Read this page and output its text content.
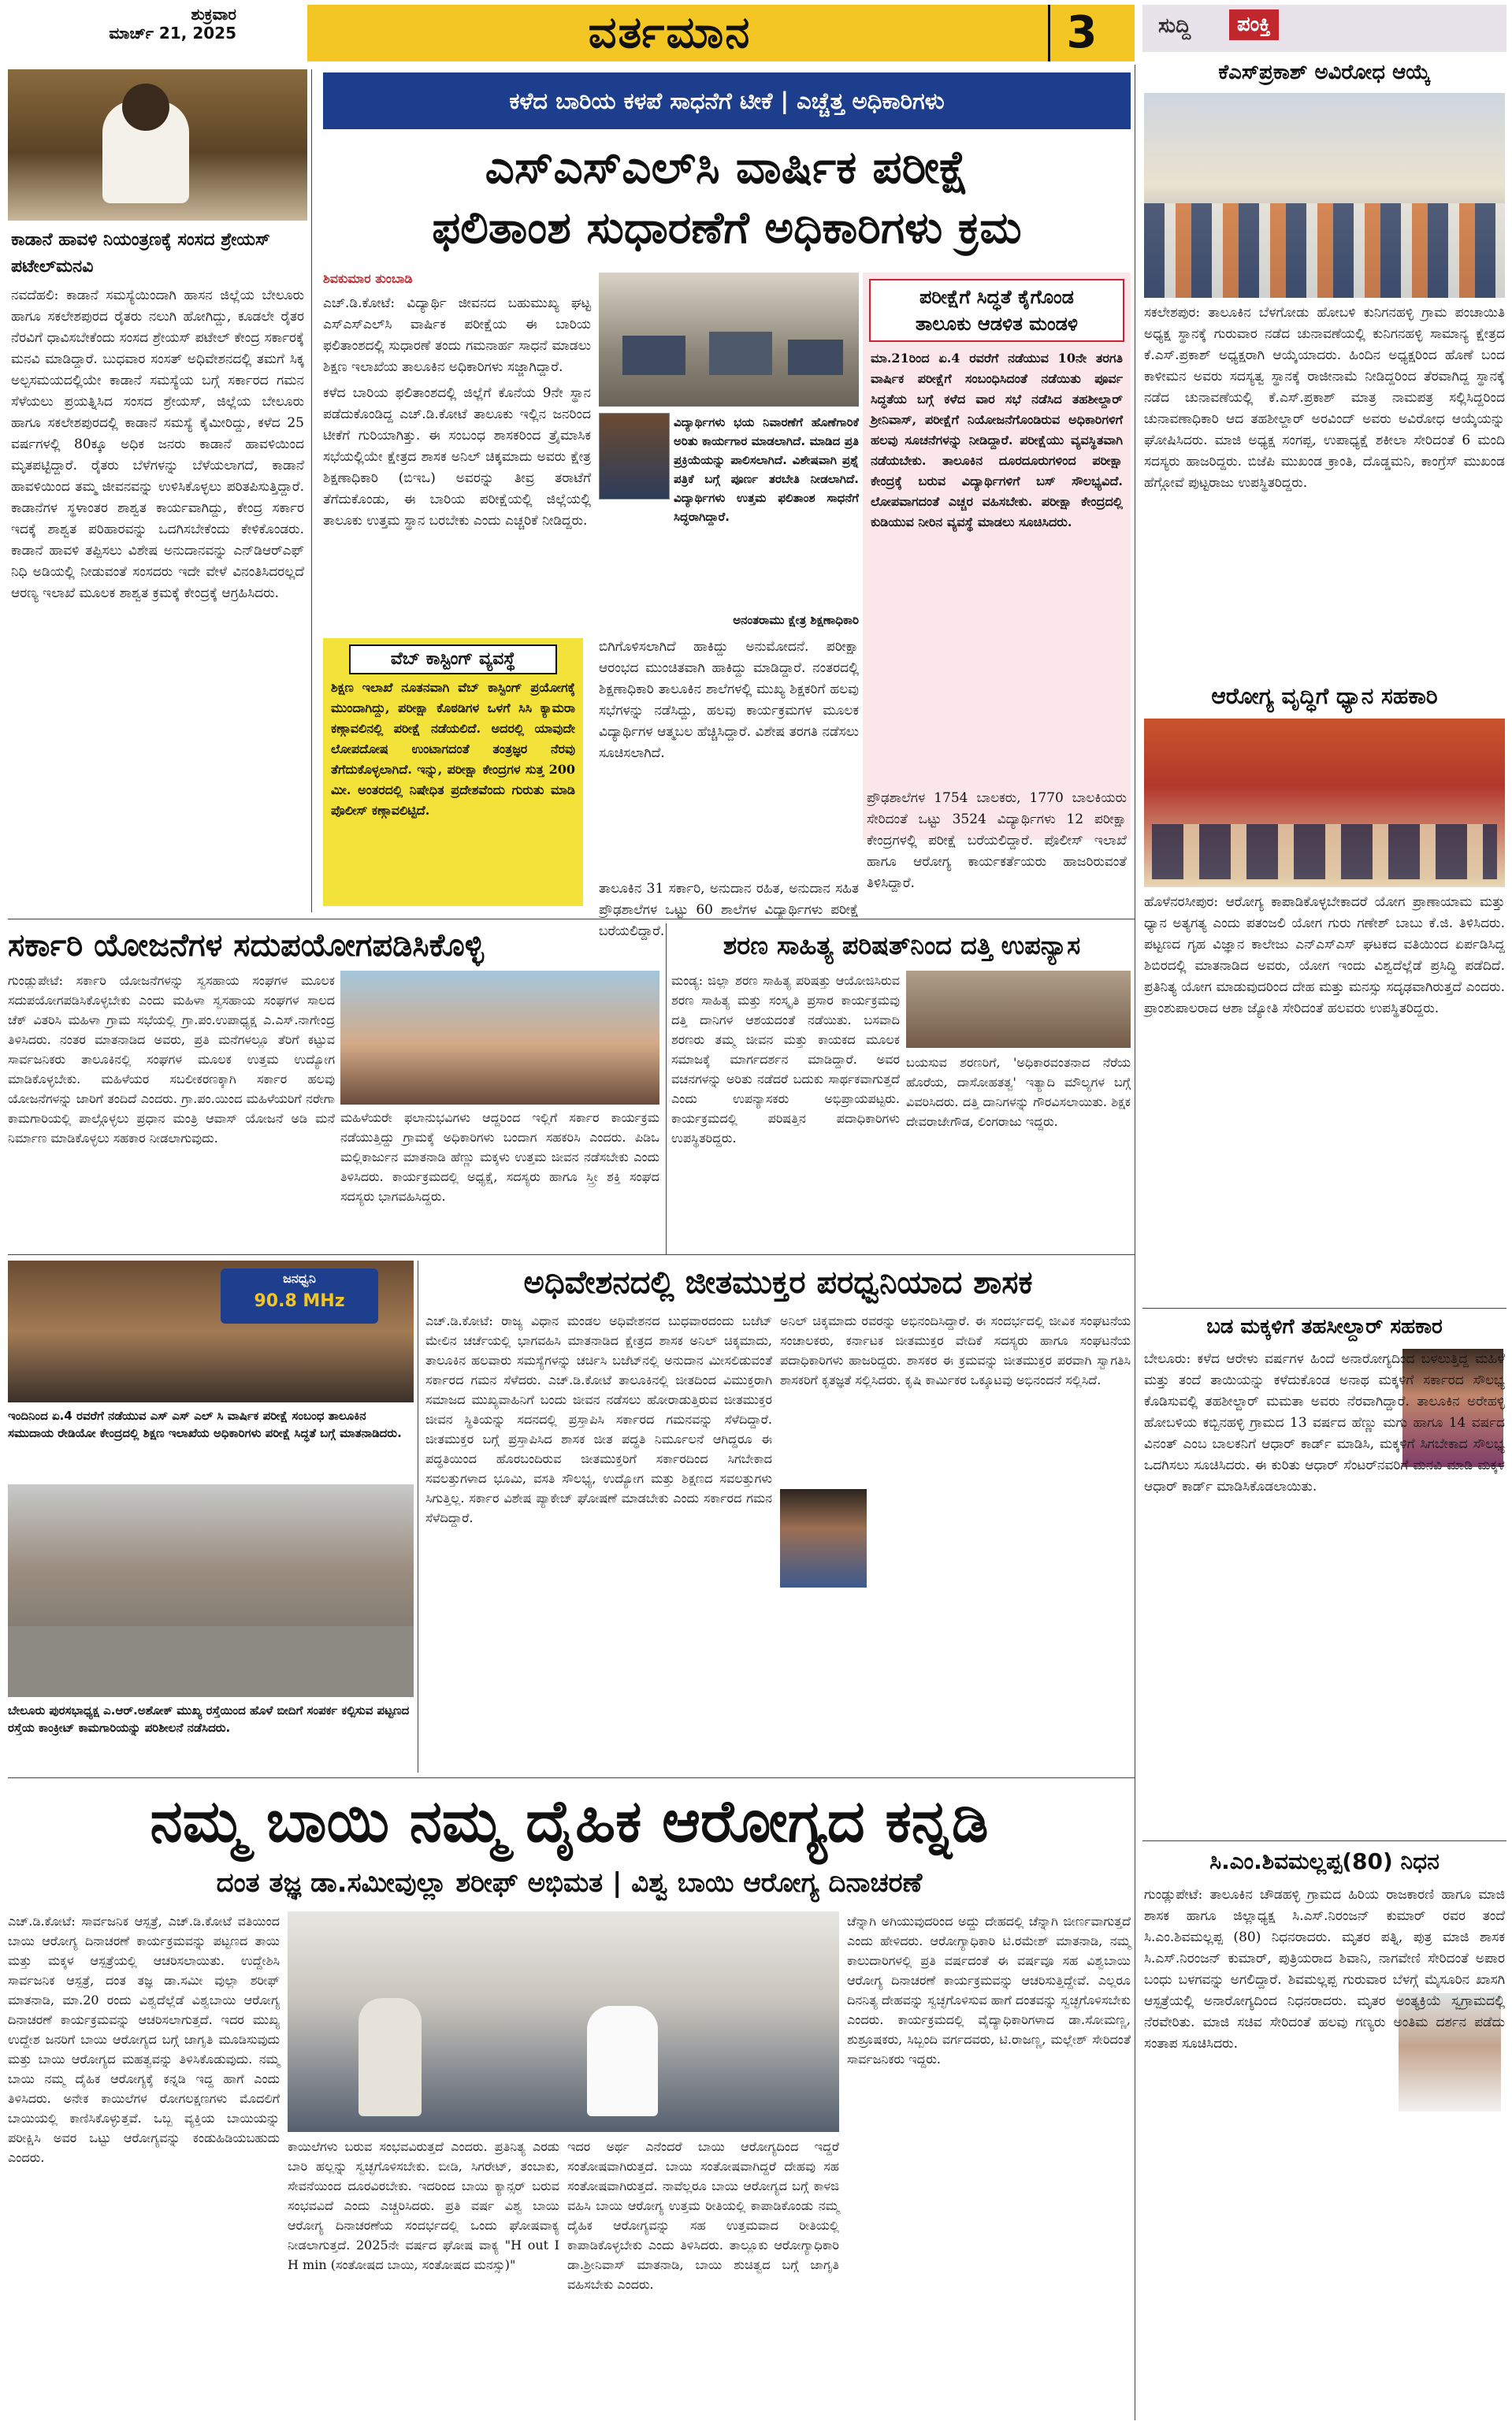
ಶುಕ್ರವಾರ
ಮಾರ್ಚ್ 21, 2025	ವರ್ತಮಾನ	3	ಸುದ್ದಿ	ಪಂಕ್ತಿ
ಕಾಡಾನೆ ಹಾವಳಿ ನಿಯಂತ್ರಣಕ್ಕೆ ಸಂಸದ ಶ್ರೇಯಸ್ ಪಟೇಲ್‌ಮನವಿ
ನವದೆಹಲಿ: ಕಾಡಾನೆ ಸಮಸ್ಯೆಯಿಂದಾಗಿ ಹಾಸನ ಜಿಲ್ಲೆಯ ಬೇಲೂರು ಹಾಗೂ ಸಕಲೇಶಪುರದ ರೈತರು ನಲುಗಿ ಹೋಗಿದ್ದು, ಕೂಡಲೇ ರೈತರ ನೆರವಿಗೆ ಧಾವಿಸಬೇಕೆಂದು ಸಂಸದ ಶ್ರೇಯಸ್ ಪಟೇಲ್ ಕೇಂದ್ರ ಸರ್ಕಾರಕ್ಕೆ ಮನವಿ ಮಾಡಿದ್ದಾರೆ. ಬುಧವಾರ ಸಂಸತ್ ಅಧಿವೇಶನದಲ್ಲಿ ತಮಗೆ ಸಿಕ್ಕ ಅಲ್ಪಸಮಯದಲ್ಲಿಯೇ ಕಾಡಾನೆ ಸಮಸ್ಯೆಯ ಬಗ್ಗೆ ಸರ್ಕಾರದ ಗಮನ ಸೆಳೆಯಲು ಪ್ರಯತ್ನಿಸಿದ ಸಂಸದ ಶ್ರೇಯಸ್, ಜಿಲ್ಲೆಯ ಬೇಲೂರು ಹಾಗೂ ಸಕಲೇಶಪುರದಲ್ಲಿ ಕಾಡಾನೆ ಸಮಸ್ಯೆ ಕೈಮೀರಿದ್ದು, ಕಳೆದ 25 ವರ್ಷಗಳಲ್ಲಿ 80ಕ್ಕೂ ಅಧಿಕ ಜನರು ಕಾಡಾನೆ ಹಾವಳಿಯಿಂದ ಮೃತಪಟ್ಟಿದ್ದಾರೆ. ರೈತರು ಬೆಳೆಗಳನ್ನು ಬೆಳೆಯಲಾಗದೆ, ಕಾಡಾನೆ ಹಾವಳಿಯಿಂದ ತಮ್ಮ ಜೀವನವನ್ನು ಉಳಿಸಿಕೊಳ್ಳಲು ಪರಿತಪಿಸುತ್ತಿದ್ದಾರೆ. ಕಾಡಾನೆಗಳ ಸ್ಥಳಾಂತರ ಶಾಶ್ವತ ಕಾರ್ಯವಾಗಿದ್ದು, ಕೇಂದ್ರ ಸರ್ಕಾರ ಇದಕ್ಕೆ ಶಾಶ್ವತ ಪರಿಹಾರವನ್ನು ಒದಗಿಸಬೇಕೆಂದು ಕೇಳಿಕೊಂಡರು. ಕಾಡಾನೆ ಹಾವಳಿ ತಪ್ಪಿಸಲು ವಿಶೇಷ ಅನುದಾನವನ್ನು ಎನ್‌ಡಿಆರ್‌ಎಫ್ ನಿಧಿ ಅಡಿಯಲ್ಲಿ ನೀಡುವಂತೆ ಸಂಸದರು ಇದೇ ವೇಳೆ ವಿನಂತಿಸಿದರಲ್ಲದೆ ಆರಣ್ಯ ಇಲಾಖೆ ಮೂಲಕ ಶಾಶ್ವತ ಕ್ರಮಕ್ಕೆ ಕೇಂದ್ರಕ್ಕೆ ಆಗ್ರಹಿಸಿದರು.
ಕಳೆದ ಬಾರಿಯ ಕಳಪೆ ಸಾಧನೆಗೆ ಟೀಕೆ | ಎಚ್ಚೆತ್ತ ಅಧಿಕಾರಿಗಳು
ಎಸ್‌ಎಸ್‌ಎಲ್‌ಸಿ ವಾರ್ಷಿಕ ಪರೀಕ್ಷೆ
ಫಲಿತಾಂಶ ಸುಧಾರಣೆಗೆ ಅಧಿಕಾರಿಗಳು ಕ್ರಮ
ಶಿವಕುಮಾರ ತುಂಬಾಡಿ

ಎಚ್.ಡಿ.ಕೋಟೆ: ವಿದ್ಯಾರ್ಥಿ ಜೀವನದ ಬಹುಮುಖ್ಯ ಘಟ್ಟ ಎಸ್‌ಎಸ್‌ಎಲ್‌ಸಿ ವಾರ್ಷಿಕ ಪರೀಕ್ಷೆಯ ಈ ಬಾರಿಯ ಫಲಿತಾಂಶದಲ್ಲಿ ಸುಧಾರಣೆ ತಂದು ಗಮನಾರ್ಹ ಸಾಧನೆ ಮಾಡಲು ಶಿಕ್ಷಣ ಇಲಾಖೆಯ ತಾಲೂಕಿನ ಅಧಿಕಾರಿಗಳು ಸಜ್ಜಾಗಿದ್ದಾರೆ.

ಕಳೆದ ಬಾರಿಯ ಫಲಿತಾಂಶದಲ್ಲಿ ಜಿಲ್ಲೆಗೆ ಕೊನೆಯ 9ನೇ ಸ್ಥಾನ ಪಡೆದುಕೊಂಡಿದ್ದ ಎಚ್.ಡಿ.ಕೋಟೆ ತಾಲೂಕು ಇಲ್ಲಿನ ಜನರಿಂದ ಟೀಕೆಗೆ ಗುರಿಯಾಗಿತ್ತು. ಈ ಸಂಬಂಧ ಶಾಸಕರಿಂದ ತ್ರೈಮಾಸಿಕ ಸಭೆಯಲ್ಲಿಯೇ ಕ್ಷೇತ್ರದ ಶಾಸಕ ಅನಿಲ್ ಚಿಕ್ಕಮಾದು ಅವರು ಕ್ಷೇತ್ರ ಶಿಕ್ಷಣಾಧಿಕಾರಿ (ಬಿಇಒ) ಅವರನ್ನು ತೀವ್ರ ತರಾಟೆಗೆ ತೆಗೆದುಕೊಂಡು, ಈ ಬಾರಿಯ ಪರೀಕ್ಷೆಯಲ್ಲಿ ಜಿಲ್ಲೆಯಲ್ಲಿ ತಾಲೂಕು ಉತ್ತಮ ಸ್ಥಾನ ಬರಬೇಕು ಎಂದು ಎಚ್ಚರಿಕೆ ನೀಡಿದ್ದರು.

ವಿದ್ಯಾರ್ಥಿಗಳು ಭಯ ನಿವಾರಣೆಗೆ ಹೊಣೆಗಾರಿಕೆ ಅರಿತು ಕಾರ್ಯಗಾರ ಮಾಡಲಾಗಿದೆ. ಮಾಡಿದ ಪ್ರತಿ ಪ್ರಕ್ರಿಯೆಯನ್ನು ಪಾಲಿಸಲಾಗಿದೆ. ವಿಶೇಷವಾಗಿ ಪ್ರಶ್ನೆ ಪತ್ರಿಕೆ ಬಗ್ಗೆ ಪೂರ್ಣ ತರಬೇತಿ ನೀಡಲಾಗಿದೆ. ವಿದ್ಯಾರ್ಥಿಗಳು ಉತ್ತಮ ಫಲಿತಾಂಶ ಸಾಧನೆಗೆ ಸಿದ್ಧರಾಗಿದ್ದಾರೆ.
ಅನಂತರಾಮು ಕ್ಷೇತ್ರ ಶಿಕ್ಷಣಾಧಿಕಾರಿ
ಪರೀಕ್ಷೆಗೆ ಸಿದ್ಧತೆ ಕೈಗೊಂಡ
ತಾಲೂಕು ಆಡಳಿತ ಮಂಡಳಿ
ಮಾ.21ರಿಂದ ಏ.4 ರವರೆಗೆ ನಡೆಯುವ 10ನೇ ತರಗತಿ ವಾರ್ಷಿಕ ಪರೀಕ್ಷೆಗೆ ಸಂಬಂಧಿಸಿದಂತೆ ನಡೆಯಿತು ಪೂರ್ವ ಸಿದ್ಧತೆಯ ಬಗ್ಗೆ ಕಳೆದ ವಾರ ಸಭೆ ನಡೆಸಿದ ತಹಶೀಲ್ದಾರ್ ಶ್ರೀನಿವಾಸ್, ಪರೀಕ್ಷೆಗೆ ನಿಯೋಜನೆಗೊಂಡಿರುವ ಅಧಿಕಾರಿಗಳಿಗೆ ಹಲವು ಸೂಚನೆಗಳನ್ನು ನೀಡಿದ್ದಾರೆ. ಪರೀಕ್ಷೆಯು ವ್ಯವಸ್ಥಿತವಾಗಿ ನಡೆಯಬೇಕು. ತಾಲೂಕಿನ ದೂರದೂರುಗಳಿಂದ ಪರೀಕ್ಷಾ ಕೇಂದ್ರಕ್ಕೆ ಬರುವ ವಿದ್ಯಾರ್ಥಿಗಳಿಗೆ ಬಸ್ ಸೌಲಭ್ಯವಿದೆ. ಲೋಪವಾಗದಂತೆ ಎಚ್ಚರ ವಹಿಸಬೇಕು. ಪರೀಕ್ಷಾ ಕೇಂದ್ರದಲ್ಲಿ ಕುಡಿಯುವ ನೀರಿನ ವ್ಯವಸ್ಥೆ ಮಾಡಲು ಸೂಚಿಸಿದರು.
ವೆಬ್ ಕಾಸ್ಟಿಂಗ್ ವ್ಯವಸ್ಥೆ
ಶಿಕ್ಷಣ ಇಲಾಖೆ ನೂತನವಾಗಿ ವೆಬ್ ಕಾಸ್ಟಿಂಗ್ ಪ್ರಯೋಗಕ್ಕೆ ಮುಂದಾಗಿದ್ದು, ಪರೀಕ್ಷಾ ಕೊಠಡಿಗಳ ಒಳಗೆ ಸಿಸಿ ಕ್ಯಾಮರಾ ಕಣ್ಗಾವಲಿನಲ್ಲಿ ಪರೀಕ್ಷೆ ನಡೆಯಲಿದೆ. ಅದರಲ್ಲಿ ಯಾವುದೇ ಲೋಪದೋಷ ಉಂಟಾಗದಂತೆ ತಂತ್ರಜ್ಞರ ನೆರವು ತೆಗೆದುಕೊಳ್ಳಲಾಗಿದೆ. ಇನ್ನು, ಪರೀಕ್ಷಾ ಕೇಂದ್ರಗಳ ಸುತ್ತ 200 ಮೀ. ಅಂತರದಲ್ಲಿ ನಿಷೇಧಿತ ಪ್ರದೇಶವೆಂದು ಗುರುತು ಮಾಡಿ ಪೊಲೀಸ್ ಕಣ್ಗಾವಲಿಟ್ಟಿದೆ.
ಬಿಗಿಗೊಳಿಸಲಾಗಿದೆ ಹಾಕಿದ್ದು ಅನುಮೋದನೆ. ಪರೀಕ್ಷಾ ಆರಂಭದ ಮುಂಚಿತವಾಗಿ ಹಾಕಿದ್ದು ಮಾಡಿದ್ದಾರೆ. ನಂತರದಲ್ಲಿ ಶಿಕ್ಷಣಾಧಿಕಾರಿ ತಾಲೂಕಿನ ಶಾಲೆಗಳಲ್ಲಿ ಮುಖ್ಯ ಶಿಕ್ಷಕರಿಗೆ ಹಲವು ಸಭೆಗಳನ್ನು ನಡೆಸಿದ್ದು, ಹಲವು ಕಾರ್ಯಕ್ರಮಗಳ ಮೂಲಕ ವಿದ್ಯಾರ್ಥಿಗಳ ಆತ್ಮಬಲ ಹೆಚ್ಚಿಸಿದ್ದಾರೆ. ವಿಶೇಷ ತರಗತಿ ನಡೆಸಲು ಸೂಚಿಸಲಾಗಿದೆ.
ಪ್ರೌಢಶಾಲೆಗಳ 1754 ಬಾಲಕರು, 1770 ಬಾಲಕಿಯರು ಸೇರಿದಂತೆ ಒಟ್ಟು 3524 ವಿದ್ಯಾರ್ಥಿಗಳು 12 ಪರೀಕ್ಷಾ ಕೇಂದ್ರಗಳಲ್ಲಿ ಪರೀಕ್ಷೆ ಬರೆಯಲಿದ್ದಾರೆ. ಪೊಲೀಸ್ ಇಲಾಖೆ ಹಾಗೂ ಆರೋಗ್ಯ ಕಾರ್ಯಕರ್ತೆಯರು ಹಾಜರಿರುವಂತೆ ತಿಳಿಸಿದ್ದಾರೆ.
ತಾಲೂಕಿನ 31 ಸರ್ಕಾರಿ, ಅನುದಾನ ರಹಿತ, ಅನುದಾನ ಸಹಿತ ಪ್ರೌಢಶಾಲೆಗಳ ಒಟ್ಟು 60 ಶಾಲೆಗಳ ವಿದ್ಯಾರ್ಥಿಗಳು ಪರೀಕ್ಷೆ ಬರೆಯಲಿದ್ದಾರೆ.
ಕೆಎಸ್‌ಪ್ರಕಾಶ್ ಅವಿರೋಧ ಆಯ್ಕೆ
ಸಕಲೇಶಪುರ: ತಾಲೂಕಿನ ಬೆಳಗೋಡು ಹೋಬಳಿ ಕುನಿಗನಹಳ್ಳಿ ಗ್ರಾಮ ಪಂಚಾಯಿತಿ ಅಧ್ಯಕ್ಷ ಸ್ಥಾನಕ್ಕೆ ಗುರುವಾರ ನಡೆದ ಚುನಾವಣೆಯಲ್ಲಿ ಕುನಿಗನಹಳ್ಳಿ ಸಾಮಾನ್ಯ ಕ್ಷೇತ್ರದ ಕೆ.ಎಸ್.ಪ್ರಕಾಶ್ ಅಧ್ಯಕ್ಷರಾಗಿ ಆಯ್ಕೆಯಾದರು. ಹಿಂದಿನ ಅಧ್ಯಕ್ಷರಿಂದ ಹೊಣೆ ಬಂದ ಕಾಳೀಮನ ಅವರು ಸದಸ್ಯತ್ವ ಸ್ಥಾನಕ್ಕೆ ರಾಜೀನಾಮೆ ನೀಡಿದ್ದರಿಂದ ತೆರವಾಗಿದ್ದ ಸ್ಥಾನಕ್ಕೆ ನಡೆದ ಚುನಾವಣೆಯಲ್ಲಿ ಕೆ.ಎಸ್.ಪ್ರಕಾಶ್ ಮಾತ್ರ ನಾಮಪತ್ರ ಸಲ್ಲಿಸಿದ್ದರಿಂದ ಚುನಾವಣಾಧಿಕಾರಿ ಆದ ತಹಶೀಲ್ದಾರ್ ಅರವಿಂದ್ ಅವರು ಅವಿರೋಧ ಆಯ್ಕೆಯನ್ನು ಘೋಷಿಸಿದರು. ಮಾಜಿ ಅಧ್ಯಕ್ಷ ಸಂಗಪ್ಪ, ಉಪಾಧ್ಯಕ್ಷೆ ಶಕೀಲಾ ಸೇರಿದಂತೆ 6 ಮಂದಿ ಸದಸ್ಯರು ಹಾಜರಿದ್ದರು. ಬಿಜೆಪಿ ಮುಖಂಡ ಕ್ರಾಂತಿ, ದೊಡ್ಡಮನಿ, ಕಾಂಗ್ರೆಸ್ ಮುಖಂಡ ಹೆಗ್ಗೋವೆ ಪುಟ್ಟರಾಜು ಉಪಸ್ಥಿತರಿದ್ದರು.
ಆರೋಗ್ಯ ವೃದ್ಧಿಗೆ ಧ್ಯಾನ ಸಹಕಾರಿ
ಹೊಳೆನರಸೀಪುರ: ಆರೋಗ್ಯ ಕಾಪಾಡಿಕೊಳ್ಳಬೇಕಾದರೆ ಯೋಗ ಪ್ರಾಣಾಯಾಮ ಮತ್ತು ಧ್ಯಾನ ಅತ್ಯಗತ್ಯ ಎಂದು ಪತಂಜಲಿ ಯೋಗ ಗುರು ಗಣೇಶ್ ಬಾಬು ಕೆ.ಜಿ. ತಿಳಿಸಿದರು. ಪಟ್ಟಣದ ಗೃಹ ವಿಜ್ಞಾನ ಕಾಲೇಜು ಎನ್‌ಎಸ್‌ಎಸ್ ಘಟಕದ ವತಿಯಿಂದ ಏರ್ಪಡಿಸಿದ್ದ ಶಿಬಿರದಲ್ಲಿ ಮಾತನಾಡಿದ ಅವರು, ಯೋಗ ಇಂದು ವಿಶ್ವದೆಲ್ಲೆಡೆ ಪ್ರಸಿದ್ಧಿ ಪಡೆದಿದೆ. ಪ್ರತಿನಿತ್ಯ ಯೋಗ ಮಾಡುವುದರಿಂದ ದೇಹ ಮತ್ತು ಮನಸ್ಸು ಸದೃಢವಾಗಿರುತ್ತದೆ ಎಂದರು. ಪ್ರಾಂಶುಪಾಲರಾದ ಆಶಾ ಜ್ಯೋತಿ ಸೇರಿದಂತೆ ಹಲವರು ಉಪಸ್ಥಿತರಿದ್ದರು.
ಬಡ ಮಕ್ಕಳಿಗೆ ತಹಸೀಲ್ದಾರ್ ಸಹಕಾರ
ಬೇಲೂರು: ಕಳೆದ ಆರೇಳು ವರ್ಷಗಳ ಹಿಂದೆ ಅನಾರೋಗ್ಯದಿಂದ ಬಳಲುತ್ತಿದ್ದ ಮಹಿಳೆ ಮತ್ತು ತಂದೆ ತಾಯಿಯನ್ನು ಕಳೆದುಕೊಂಡ ಅನಾಥ ಮಕ್ಕಳಿಗೆ ಸರ್ಕಾರದ ಸೌಲಭ್ಯ ಕೊಡಿಸುವಲ್ಲಿ ತಹಶೀಲ್ದಾರ್ ಮಮತಾ ಅವರು ನೆರವಾಗಿದ್ದಾರೆ. ತಾಲೂಕಿನ ಅರೇಹಳ್ಳಿ ಹೋಬಳಿಯ ಕಬ್ಬಿನಹಳ್ಳಿ ಗ್ರಾಮದ 13 ವರ್ಷದ ಹೆಣ್ಣು ಮಗು ಹಾಗೂ 14 ವರ್ಷದ ವಿನಂತ್ ಎಂಬ ಬಾಲಕನಿಗೆ ಆಧಾರ್ ಕಾರ್ಡ್ ಮಾಡಿಸಿ, ಮಕ್ಕಳಿಗೆ ಸಿಗಬೇಕಾದ ಸೌಲಭ್ಯ ಒದಗಿಸಲು ಸೂಚಿಸಿದರು. ಈ ಕುರಿತು ಆಧಾರ್ ಸೆಂಟರ್‌ನವರಿಗೆ ಮನವಿ ಮಾಡಿ ಮಕ್ಕಳ ಆಧಾರ್ ಕಾರ್ಡ್ ಮಾಡಿಸಿಕೊಡಲಾಯಿತು.
ಸಿ.ಎಂ.ಶಿವಮಲ್ಲಪ್ಪ(80) ನಿಧನ
ಗುಂಡ್ಲುಪೇಟೆ: ತಾಲೂಕಿನ ಚೌಡಹಳ್ಳಿ ಗ್ರಾಮದ ಹಿರಿಯ ರಾಜಕಾರಣಿ ಹಾಗೂ ಮಾಜಿ ಶಾಸಕ ಹಾಗೂ ಜಿಲ್ಲಾಧ್ಯಕ್ಷ ಸಿ.ಎಸ್.ನಿರಂಜನ್ ಕುಮಾರ್ ರವರ ತಂದೆ ಸಿ.ಎಂ.ಶಿವಮಲ್ಲಪ್ಪ (80) ನಿಧನರಾದರು. ಮೃತರ ಪತ್ನಿ, ಪುತ್ರ ಮಾಜಿ ಶಾಸಕ ಸಿ.ಎಸ್.ನಿರಂಜನ್ ಕುಮಾರ್, ಪುತ್ರಿಯರಾದ ಶಿವಾನಿ, ನಾಗವೇಣಿ ಸೇರಿದಂತೆ ಅಪಾರ ಬಂಧು ಬಳಗವನ್ನು ಅಗಲಿದ್ದಾರೆ. ಶಿವಮಲ್ಲಪ್ಪ ಗುರುವಾರ ಬೆಳಗ್ಗೆ ಮೈಸೂರಿನ ಖಾಸಗಿ ಆಸ್ಪತ್ರೆಯಲ್ಲಿ ಅನಾರೋಗ್ಯದಿಂದ ನಿಧನರಾದರು. ಮೃತರ ಅಂತ್ಯಕ್ರಿಯೆ ಸ್ವಗ್ರಾಮದಲ್ಲಿ ನೆರವೇರಿತು. ಮಾಜಿ ಸಚಿವ ಸೇರಿದಂತೆ ಹಲವು ಗಣ್ಯರು ಅಂತಿಮ ದರ್ಶನ ಪಡೆದು ಸಂತಾಪ ಸೂಚಿಸಿದರು.
ಸರ್ಕಾರಿ ಯೋಜನೆಗಳ ಸದುಪಯೋಗಪಡಿಸಿಕೊಳ್ಳಿ
ಗುಂಡ್ಲುಪೇಟೆ: ಸರ್ಕಾರಿ ಯೋಜನೆಗಳನ್ನು ಸ್ವಸಹಾಯ ಸಂಘಗಳ ಮೂಲಕ ಸದುಪಯೋಗಪಡಿಸಿಕೊಳ್ಳಬೇಕು ಎಂದು ಮಹಿಳಾ ಸ್ವಸಹಾಯ ಸಂಘಗಳ ಸಾಲದ ಚೆಕ್ ವಿತರಿಸಿ ಮಹಿಳಾ ಗ್ರಾಮ ಸಭೆಯಲ್ಲಿ ಗ್ರಾ.ಪಂ.ಉಪಾಧ್ಯಕ್ಷ ಎ.ಎಸ್.ನಾಗೇಂದ್ರ ತಿಳಿಸಿದರು. ನಂತರ ಮಾತನಾಡಿದ ಅವರು, ಪ್ರತಿ ಮನೆಗಳಲ್ಲೂ ತೆರಿಗೆ ಕಟ್ಟುವ ಸಾರ್ವಜನಿಕರು ತಾಲೂಕಿನಲ್ಲಿ ಸಂಘಗಳ ಮೂಲಕ ಉತ್ತಮ ಉದ್ಯೋಗ ಮಾಡಿಕೊಳ್ಳಬೇಕು. ಮಹಿಳೆಯರ ಸಬಲೀಕರಣಕ್ಕಾಗಿ ಸರ್ಕಾರ ಹಲವು ಯೋಜನೆಗಳನ್ನು ಜಾರಿಗೆ ತಂದಿದೆ ಎಂದರು. ಗ್ರಾ.ಪಂ.ಯಿಂದ ಮಹಿಳೆಯರಿಗೆ ನರೇಗಾ ಕಾಮಗಾರಿಯಲ್ಲಿ ಪಾಲ್ಗೊಳ್ಳಲು ಪ್ರಧಾನ ಮಂತ್ರಿ ಆವಾಸ್ ಯೋಜನೆ ಅಡಿ ಮನೆ ನಿರ್ಮಾಣ ಮಾಡಿಕೊಳ್ಳಲು ಸಹಕಾರ ನೀಡಲಾಗುವುದು.
ಮಹಿಳೆಯರೇ ಫಲಾನುಭವಿಗಳು ಆದ್ದರಿಂದ ಇಲ್ಲಿಗೆ ಸರ್ಕಾರ ಕಾರ್ಯಕ್ರಮ ನಡೆಯುತ್ತಿದ್ದು ಗ್ರಾಮಕ್ಕೆ ಅಧಿಕಾರಿಗಳು ಬಂದಾಗ ಸಹಕರಿಸಿ ಎಂದರು. ಪಿಡಿಒ ಮಲ್ಲಿಕಾರ್ಜುನ ಮಾತನಾಡಿ ಹೆಣ್ಣು ಮಕ್ಕಳು ಉತ್ತಮ ಜೀವನ ನಡೆಸಬೇಕು ಎಂದು ತಿಳಿಸಿದರು. ಕಾರ್ಯಕ್ರಮದಲ್ಲಿ ಅಧ್ಯಕ್ಷೆ, ಸದಸ್ಯರು ಹಾಗೂ ಸ್ತ್ರೀ ಶಕ್ತಿ ಸಂಘದ ಸದಸ್ಯರು ಭಾಗವಹಿಸಿದ್ದರು.
ಶರಣ ಸಾಹಿತ್ಯ ಪರಿಷತ್‌ನಿಂದ ದತ್ತಿ ಉಪನ್ಯಾಸ
ಮಂಡ್ಯ: ಜಿಲ್ಲಾ ಶರಣ ಸಾಹಿತ್ಯ ಪರಿಷತ್ತು ಆಯೋಜಿಸಿರುವ ಶರಣ ಸಾಹಿತ್ಯ ಮತ್ತು ಸಂಸ್ಕೃತಿ ಪ್ರಸಾರ ಕಾರ್ಯಕ್ರಮವು ದತ್ತಿ ದಾನಿಗಳ ಆಶಯದಂತೆ ನಡೆಯಿತು. ಬಸವಾದಿ ಶರಣರು ತಮ್ಮ ಜೀವನ ಮತ್ತು ಕಾಯಕದ ಮೂಲಕ ಸಮಾಜಕ್ಕೆ ಮಾರ್ಗದರ್ಶನ ಮಾಡಿದ್ದಾರೆ. ಅವರ ವಚನಗಳನ್ನು ಅರಿತು ನಡೆದರೆ ಬದುಕು ಸಾರ್ಥಕವಾಗುತ್ತದೆ ಎಂದು ಉಪನ್ಯಾಸಕರು ಅಭಿಪ್ರಾಯಪಟ್ಟರು. ಕಾರ್ಯಕ್ರಮದಲ್ಲಿ ಪರಿಷತ್ತಿನ ಪದಾಧಿಕಾರಿಗಳು ಉಪಸ್ಥಿತರಿದ್ದರು.
ಬಯಸುವ ಶರಣರಿಗೆ, 'ಅಧಿಕಾರವಂತನಾದ ನೆರೆಯ ಹೊರೆಯ, ದಾಸೋಹತತ್ವ' ಇತ್ಯಾದಿ ಮೌಲ್ಯಗಳ ಬಗ್ಗೆ ವಿವರಿಸಿದರು. ದತ್ತಿ ದಾನಿಗಳನ್ನು ಗೌರವಿಸಲಾಯಿತು. ಶಿಕ್ಷಕ ದೇವರಾಜೇಗೌಡ, ಲಿಂಗರಾಜು ಇದ್ದರು.
ಜನಧ್ವನಿ
90.8 MHz
ಇಂದಿನಿಂದ ಏ.4 ರವರೆಗೆ ನಡೆಯುವ ಎಸ್ ಎಸ್ ಎಲ್ ಸಿ ವಾರ್ಷಿಕ ಪರೀಕ್ಷೆ ಸಂಬಂಧ ತಾಲೂಕಿನ ಸಮುದಾಯ ರೇಡಿಯೋ ಕೇಂದ್ರದಲ್ಲಿ ಶಿಕ್ಷಣ ಇಲಾಖೆಯ ಅಧಿಕಾರಿಗಳು ಪರೀಕ್ಷೆ ಸಿದ್ಧತೆ ಬಗ್ಗೆ ಮಾತನಾಡಿದರು.
ಬೇಲೂರು ಪುರಸಭಾಧ್ಯಕ್ಷ ಎ.ಆರ್.ಅಶೋಕ್ ಮುಖ್ಯ ರಸ್ತೆಯಿಂದ ಹೊಳೆ ಬೀದಿಗೆ ಸಂಪರ್ಕ ಕಲ್ಪಿಸುವ ಪಟ್ಟಣದ ರಸ್ತೆಯ ಕಾಂಕ್ರೀಟ್ ಕಾಮಗಾರಿಯನ್ನು ಪರಿಶೀಲನೆ ನಡೆಸಿದರು.
ಅಧಿವೇಶನದಲ್ಲಿ ಜೀತಮುಕ್ತರ ಪರಧ್ವನಿಯಾದ ಶಾಸಕ
ಎಚ್.ಡಿ.ಕೋಟೆ: ರಾಜ್ಯ ವಿಧಾನ ಮಂಡಲ ಅಧಿವೇಶನದ ಬುಧವಾರದಂದು ಬಜೆಟ್ ಮೇಲಿನ ಚರ್ಚೆಯಲ್ಲಿ ಭಾಗವಹಿಸಿ ಮಾತನಾಡಿದ ಕ್ಷೇತ್ರದ ಶಾಸಕ ಅನಿಲ್ ಚಿಕ್ಕಮಾದು, ತಾಲೂಕಿನ ಹಲವಾರು ಸಮಸ್ಯೆಗಳನ್ನು ಚರ್ಚಿಸಿ ಬಜೆಟ್‌ನಲ್ಲಿ ಅನುದಾನ ಮೀಸಲಿಡುವಂತೆ ಸರ್ಕಾರದ ಗಮನ ಸೆಳೆದರು. ಎಚ್.ಡಿ.ಕೋಟೆ ತಾಲೂಕಿನಲ್ಲಿ ಜೀತದಿಂದ ವಿಮುಕ್ತರಾಗಿ ಸಮಾಜದ ಮುಖ್ಯವಾಹಿನಿಗೆ ಬಂದು ಜೀವನ ನಡೆಸಲು ಹೋರಾಡುತ್ತಿರುವ ಜೀತಮುಕ್ತರ ಜೀವನ ಸ್ಥಿತಿಯನ್ನು ಸದನದಲ್ಲಿ ಪ್ರಸ್ತಾಪಿಸಿ ಸರ್ಕಾರದ ಗಮನವನ್ನು ಸೆಳೆದಿದ್ದಾರೆ. ಜೀತಮುಕ್ತರ ಬಗ್ಗೆ ಪ್ರಸ್ತಾಪಿಸಿದ ಶಾಸಕ ಜೀತ ಪದ್ಧತಿ ನಿರ್ಮೂಲನೆ ಆಗಿದ್ದರೂ ಈ ಪದ್ಧತಿಯಿಂದ ಹೊರಬಂದಿರುವ ಜೀತಮುಕ್ತರಿಗೆ ಸರ್ಕಾರದಿಂದ ಸಿಗಬೇಕಾದ ಸವಲತ್ತುಗಳಾದ ಭೂಮಿ, ವಸತಿ ಸೌಲಭ್ಯ, ಉದ್ಯೋಗ ಮತ್ತು ಶಿಕ್ಷಣದ ಸವಲತ್ತುಗಳು ಸಿಗುತ್ತಿಲ್ಲ. ಸರ್ಕಾರ ವಿಶೇಷ ಪ್ಯಾಕೇಜ್ ಘೋಷಣೆ ಮಾಡಬೇಕು ಎಂದು ಸರ್ಕಾರದ ಗಮನ ಸೆಳೆದಿದ್ದಾರೆ.
ಅನಿಲ್ ಚಿಕ್ಕಮಾದು ರವರನ್ನು ಅಭಿನಂದಿಸಿದ್ದಾರೆ. ಈ ಸಂದರ್ಭದಲ್ಲಿ ಜೀವಿಕ ಸಂಘಟನೆಯ ಸಂಚಾಲಕರು, ಕರ್ನಾಟಕ ಜೀತಮುಕ್ತರ ವೇದಿಕೆ ಸದಸ್ಯರು ಹಾಗೂ ಸಂಘಟನೆಯ ಪದಾಧಿಕಾರಿಗಳು ಹಾಜರಿದ್ದರು. ಶಾಸಕರ ಈ ಕ್ರಮವನ್ನು ಜೀತಮುಕ್ತರ ಪರವಾಗಿ ಸ್ವಾಗತಿಸಿ ಶಾಸಕರಿಗೆ ಕೃತಜ್ಞತೆ ಸಲ್ಲಿಸಿದರು. ಕೃಷಿ ಕಾರ್ಮಿಕರ ಒಕ್ಕೂಟವು ಅಭಿನಂದನೆ ಸಲ್ಲಿಸಿದೆ.
ನಮ್ಮ ಬಾಯಿ ನಮ್ಮ ದೈಹಿಕ ಆರೋಗ್ಯದ ಕನ್ನಡಿ
ದಂತ ತಜ್ಞ ಡಾ.ಸಮೀವುಲ್ಲಾ ಶರೀಫ್ ಅಭಿಮತ | ವಿಶ್ವ ಬಾಯಿ ಆರೋಗ್ಯ ದಿನಾಚರಣೆ
ಎಚ್.ಡಿ.ಕೋಟೆ: ಸಾರ್ವಜನಿಕ ಆಸ್ಪತ್ರೆ, ಎಚ್.ಡಿ.ಕೋಟೆ ವತಿಯಿಂದ ಬಾಯಿ ಆರೋಗ್ಯ ದಿನಾಚರಣೆ ಕಾರ್ಯಕ್ರಮವನ್ನು ಪಟ್ಟಣದ ತಾಯಿ ಮತ್ತು ಮಕ್ಕಳ ಆಸ್ಪತ್ರೆಯಲ್ಲಿ ಆಚರಿಸಲಾಯಿತು. ಉದ್ದೇಶಿಸಿ ಸಾರ್ವಜನಿಕ ಆಸ್ಪತ್ರೆ, ದಂತ ತಜ್ಞ ಡಾ.ಸಮೀ ವುಲ್ಲಾ ಶರೀಫ್ ಮಾತನಾಡಿ, ಮಾ.20 ರಂದು ವಿಶ್ವದೆಲ್ಲೆಡೆ ವಿಶ್ವಬಾಯಿ ಆರೋಗ್ಯ ದಿನಾಚರಣೆ ಕಾರ್ಯಕ್ರಮವನ್ನು ಆಚರಿಸಲಾಗುತ್ತದೆ. ಇದರ ಮುಖ್ಯ ಉದ್ದೇಶ ಜನರಿಗೆ ಬಾಯಿ ಆರೋಗ್ಯದ ಬಗ್ಗೆ ಜಾಗೃತಿ ಮೂಡಿಸುವುದು ಮತ್ತು ಬಾಯಿ ಆರೋಗ್ಯದ ಮಹತ್ವವನ್ನು ತಿಳಿಸಿಕೊಡುವುದು. ನಮ್ಮ ಬಾಯಿ ನಮ್ಮ ದೈಹಿಕ ಆರೋಗ್ಯಕ್ಕೆ ಕನ್ನಡಿ ಇದ್ದ ಹಾಗೆ ಎಂದು ತಿಳಿಸಿದರು. ಅನೇಕ ಕಾಯಿಲೆಗಳ ರೋಗಲಕ್ಷಣಗಳು ಮೊದಲಿಗೆ ಬಾಯಿಯಲ್ಲಿ ಕಾಣಿಸಿಕೊಳ್ಳುತ್ತವೆ. ಒಬ್ಬ ವ್ಯಕ್ತಿಯ ಬಾಯಿಯನ್ನು ಪರೀಕ್ಷಿಸಿ ಅವರ ಒಟ್ಟು ಆರೋಗ್ಯವನ್ನು ಕಂಡುಹಿಡಿಯಬಹುದು ಎಂದರು.
ಕಾಯಿಲೆಗಳು ಬರುವ ಸಂಭವವಿರುತ್ತದೆ ಎಂದರು. ಪ್ರತಿನಿತ್ಯ ಎರಡು ಬಾರಿ ಹಲ್ಲನ್ನು ಸ್ವಚ್ಛಗೊಳಿಸಬೇಕು. ಬೀಡಿ, ಸಿಗರೇಟ್, ತಂಬಾಕು, ಸೇವನೆಯಿಂದ ದೂರವಿರಬೇಕು. ಇದರಿಂದ ಬಾಯಿ ಕ್ಯಾನ್ಸರ್ ಬರುವ ಸಂಭವವಿದೆ ಎಂದು ಎಚ್ಚರಿಸಿದರು. ಪ್ರತಿ ವರ್ಷ ವಿಶ್ವ ಬಾಯಿ ಆರೋಗ್ಯ ದಿನಾಚರಣೆಯ ಸಂದರ್ಭದಲ್ಲಿ ಒಂದು ಘೋಷವಾಕ್ಯ ನೀಡಲಾಗುತ್ತದೆ. 2025ನೇ ವರ್ಷದ ಘೋಷ ವಾಕ್ಯ "H out I H min (ಸಂತೋಷದ ಬಾಯಿ, ಸಂತೋಷದ ಮನಸ್ಸು)"
ಇದರ ಅರ್ಥ ಎನೆಂದರೆ ಬಾಯಿ ಆರೋಗ್ಯದಿಂದ ಇದ್ದರೆ ಸಂತೋಷವಾಗಿರುತ್ತದೆ. ಬಾಯಿ ಸಂತೋಷವಾಗಿದ್ದರೆ ದೇಹವು ಸಹ ಸಂತೋಷವಾಗಿರುತ್ತದೆ. ನಾವೆಲ್ಲರೂ ಬಾಯಿ ಆರೋಗ್ಯದ ಬಗ್ಗೆ ಕಾಳಜಿ ವಹಿಸಿ ಬಾಯಿ ಆರೋಗ್ಯ ಉತ್ತಮ ರೀತಿಯಲ್ಲಿ ಕಾಪಾಡಿಕೊಂಡು ನಮ್ಮ ದೈಹಿಕ ಆರೋಗ್ಯವನ್ನು ಸಹ ಉತ್ತಮವಾದ ರೀತಿಯಲ್ಲಿ ಕಾಪಾಡಿಕೊಳ್ಳಬೇಕು ಎಂದು ತಿಳಿಸಿದರು. ತಾಲ್ಲೂಕು ಆರೋಗ್ಯಾಧಿಕಾರಿ ಡಾ.ಶ್ರೀನಿವಾಸ್ ಮಾತನಾಡಿ, ಬಾಯಿ ಶುಚಿತ್ವದ ಬಗ್ಗೆ ಜಾಗೃತಿ ವಹಿಸಬೇಕು ಎಂದರು.
ಚೆನ್ನಾಗಿ ಅಗಿಯುವುದರಿಂದ ಅದ್ದು ದೇಹದಲ್ಲಿ ಚೆನ್ನಾಗಿ ಜೀರ್ಣವಾಗುತ್ತದೆ ಎಂದು ಹೇಳಿದರು. ಆರೋಗ್ಯಾಧಿಕಾರಿ ಟಿ.ರಮೇಶ್ ಮಾತನಾಡಿ, ನಮ್ಮ ಕಾಲುದಾರಿಗಳಲ್ಲಿ ಪ್ರತಿ ವರ್ಷದಂತೆ ಈ ವರ್ಷವೂ ಸಹ ವಿಶ್ವಬಾಯಿ ಆರೋಗ್ಯ ದಿನಾಚರಣೆ ಕಾರ್ಯಕ್ರಮವನ್ನು ಆಚರಿಸುತ್ತಿದ್ದೇವೆ. ಎಲ್ಲರೂ ದಿನನಿತ್ಯ ದೇಹವನ್ನು ಸ್ವಚ್ಛಗೊಳಿಸುವ ಹಾಗೆ ದಂತವನ್ನು ಸ್ವಚ್ಛಗೊಳಿಸಬೇಕು ಎಂದರು. ಕಾರ್ಯಕ್ರಮದಲ್ಲಿ ವೈದ್ಯಾಧಿಕಾರಿಗಳಾದ ಡಾ.ಸೋಮಣ್ಣ, ಶುಶ್ರೂಷಕರು, ಸಿಬ್ಬಂದಿ ವರ್ಗದವರು, ಟಿ.ರಾಜಣ್ಣ, ಮಲ್ಲೇಶ್ ಸೇರಿದಂತೆ ಸಾರ್ವಜನಿಕರು ಇದ್ದರು.
